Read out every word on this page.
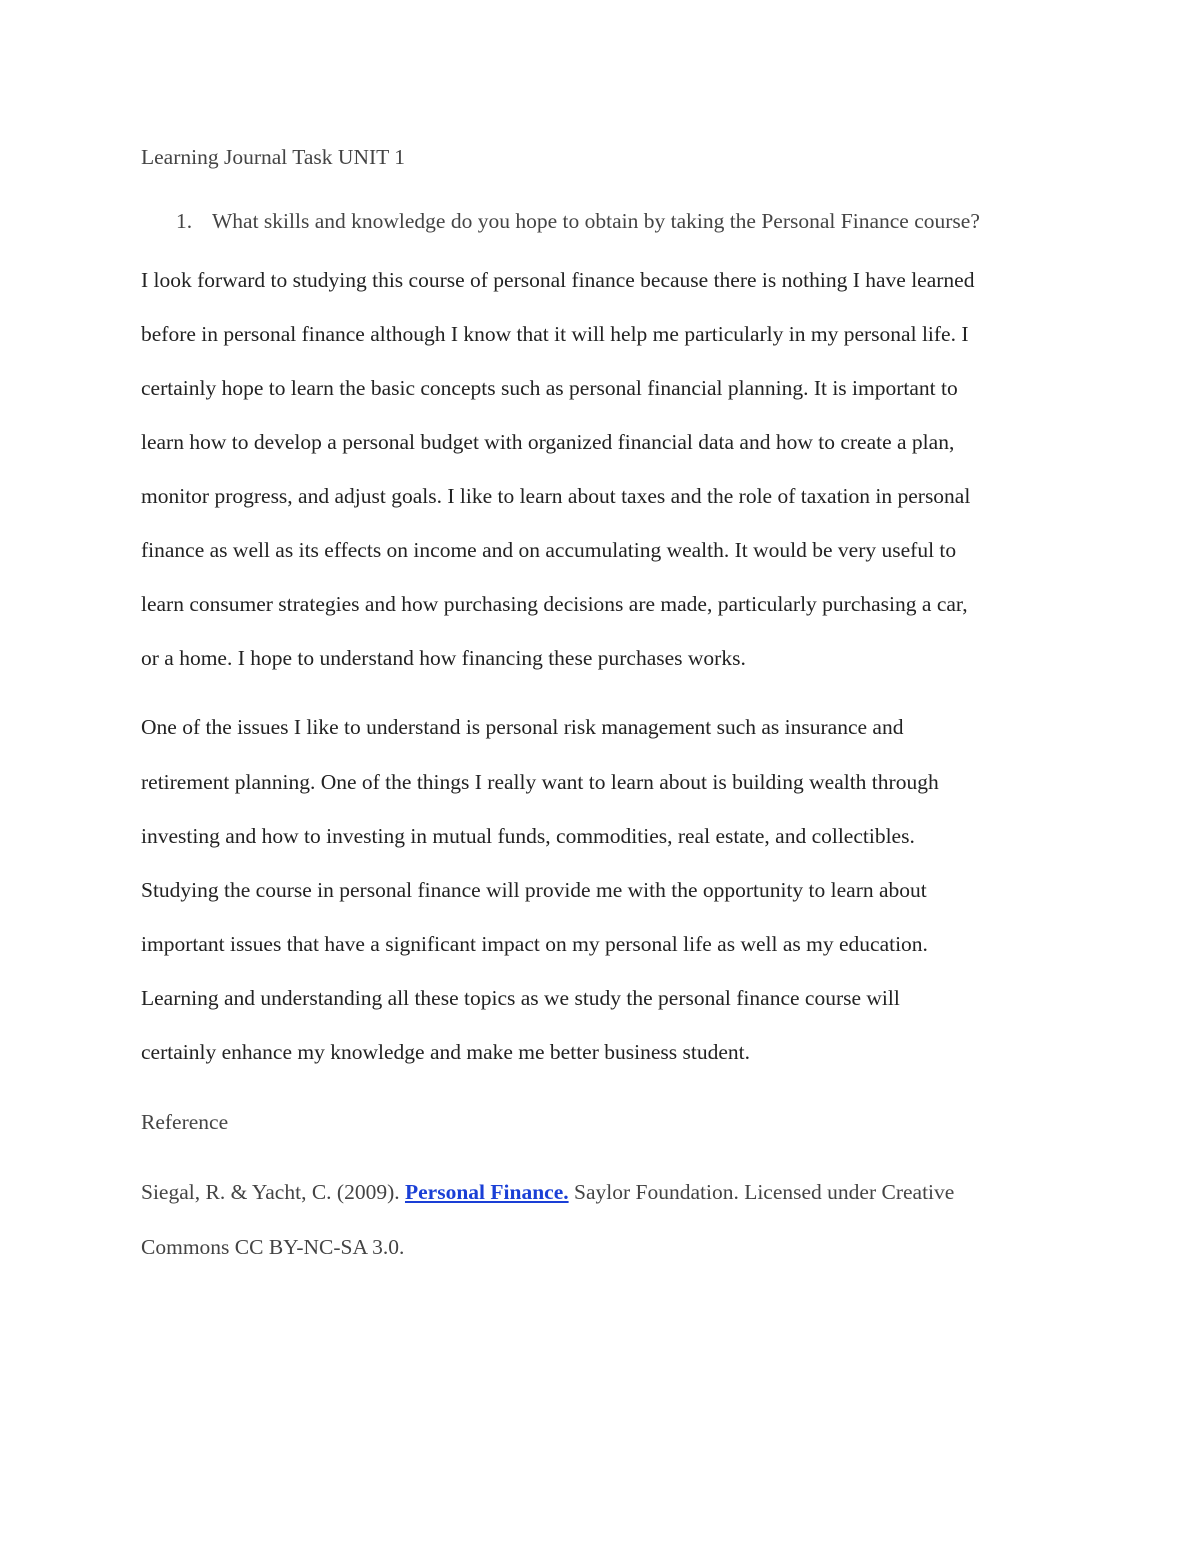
Learning Journal Task UNIT 1
1. What skills and knowledge do you hope to obtain by taking the Personal Finance course?
I look forward to studying this course of personal finance because there is nothing I have learned
before in personal finance although I know that it will help me particularly in my personal life. I
certainly hope to learn the basic concepts such as personal financial planning. It is important to
learn how to develop a personal budget with organized financial data and how to create a plan,
monitor progress, and adjust goals. I like to learn about taxes and the role of taxation in personal
finance as well as its effects on income and on accumulating wealth. It would be very useful to
learn consumer strategies and how purchasing decisions are made, particularly purchasing a car,
or a home. I hope to understand how financing these purchases works.
One of the issues I like to understand is personal risk management such as insurance and
retirement planning. One of the things I really want to learn about is building wealth through
investing and how to investing in mutual funds, commodities, real estate, and collectibles.
Studying the course in personal finance will provide me with the opportunity to learn about
important issues that have a significant impact on my personal life as well as my education.
Learning and understanding all these topics as we study the personal finance course will
certainly enhance my knowledge and make me better business student.
Reference
Siegal, R. & Yacht, C. (2009). Personal Finance. Saylor Foundation. Licensed under Creative
Commons CC BY-NC-SA 3.0.
